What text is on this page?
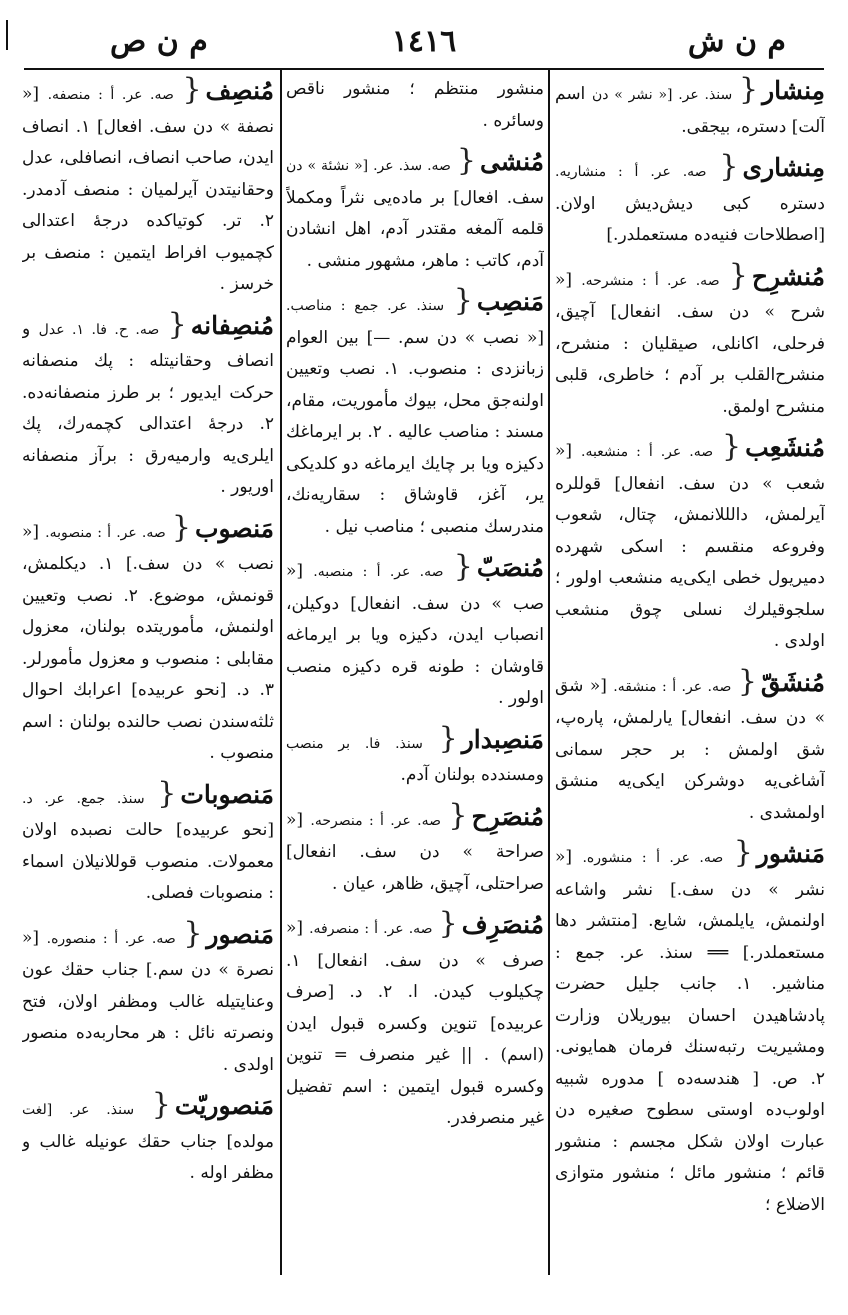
م ن ش
١٤١٦
م ن ص
مِنشار{ سنذ. عر. [« نشر » دن اسم آلت] دستره، بیجقی.
مِنشاری{ صه. عر. أ : منشاریه. دستره کبی دیش‌دیش اولان. [اصطلاحات فنیه‌ده مستعملدر.]
مُنشرِح{ صه. عر. أ : منشرحه. [« شرح » دن سف. انفعال] آچیق، فرحلی، اکانلی، صیقلیان : منشرح، منشرح‌القلب بر آدم ؛ خاطری، قلبی منشرح اولمق.
مُنشَعِب{ صه. عر. أ : منشعبه. [« شعب » دن سف. انفعال] قوللره آیرلمش، دالللانمش، چتال، شعوب وفروعه منقسم : اسکی شهرده دمیریول خطی ایکی‌یه منشعب اولور ؛ سلجوقیلرك نسلی چوق منشعب اولدی .
مُنشَقّ{ صه. عر. أ : منشقه. [« شق » دن سف. انفعال] یارلمش، پارەپ، شق اولمش : بر حجر سمانی آشاغی‌یه دوشرکن ایکی‌یه منشق اولمشدی .
مَنشور{ صه. عر. أ : منشوره. [« نشر » دن سف.] نشر واشاعه اولنمش، یایلمش، شایع. [منتشر دها مستعملدر.] ══ سنذ. عر. جمع : مناشیر. ١. جانب جلیل حضرت پادشاهیدن احسان بیوریلان وزارت ومشیریت رتبه‌سنك فرمان همایونی. ٢. ص. [ هندسه‌ده ] مدوره شبیه اولوب‌ده اوستی سطوح صغیره دن عبارت اولان شکل مجسم : منشور قائم ؛ منشور مائل ؛ منشور متوازی الاضلاع ؛
منشور منتظم ؛ منشور ناقص وسائره .
مُنشی{ صه. سذ. عر. [« نشئة » دن سف. افعال] بر ماده‌یی نثراً ومکملاً قلمه آلمغه مقتدر آدم، اهل انشادن آدم، کاتب : ماهر، مشهور منشی .
مَنصِب{ سنذ. عر. جمع : مناصب. [« نصب » دن سم. —] بین العوام زبانزدی : منصوب. ١. نصب وتعیین اولنه‌جق محل، بیوك مأموریت، مقام، مسند : مناصب عالیه . ٢. بر ایرماغك دکیزه ویا بر چایك ایرماغه دو کلدیکی یر، آغز، قاوشاق : سقاریه‌نك، مندرسك منصبی ؛ مناصب نیل .
مُنصَبّ{ صه. عر. أ : منصبه. [« صب » دن سف. انفعال] دوکیلن، انصباب ایدن، دکیزه ویا بر ایرماغه قاوشان : طونه قره دکیزه منصب اولور .
مَنصِبدار{ سنذ. فا. بر منصب ومسندده بولنان آدم.
مُنصَرِح{ صه. عر. أ : منصرحه. [« صراحة » دن سف. انفعال] صراحتلی، آچیق، ظاهر، عیان .
مُنصَرِف{ صه. عر. أ : منصرفه. [« صرف » دن سف. انفعال] ١. چکیلوب کیدن. ا. ٢. د. [صرف عربیده] تنوین وکسره قبول ایدن (اسم) . || غیر منصرف = تنوین وکسره قبول ایتمین : اسم تفضیل غیر منصرفدر.
مُنصِف{ صه. عر. أ : منصفه. [« نصفة » دن سف. افعال] ١. انصاف ایدن، صاحب انصاف، انصافلی، عدل وحقانیتدن آیرلمیان : منصف آدمدر. ٢. تر. کوتیاکده درجهٔ اعتدالی کچمیوب افراط ایتمین : منصف بر خرسز .
مُنصِفانه{ صه. ح. فا. ١. عدل و انصاف وحقانیتله : پك منصفانه حرکت ایدیور ؛ بر طرز منصفانه‌ده. ٢. درجهٔ اعتدالی کچمەرك، پك ایلری‌یه وارمیه‌رق : برآز منصفانه اوریور .
مَنصوب{ صه. عر. أ : منصوبه. [« نصب » دن سف.] ١. دیکلمش، قونمش، موضوع. ٢. نصب وتعیین اولنمش، مأموریتده بولنان، معزول مقابلی : منصوب و معزول مأمورلر. ٣. د. [نحو عربیده] اعرابك احوال ثلثه‌سندن نصب حالنده بولنان : اسم منصوب .
مَنصوبات{ سنذ. جمع. عر. د. [نحو عربیده] حالت نصبده اولان معمولات. منصوب قوللانیلان اسماء : منصوبات فصلی.
مَنصور{ صه. عر. أ : منصوره. [« نصرة » دن سم.] جناب حقك عون وعنایتیله غالب ومظفر اولان، فتح ونصرته نائل : هر محاربه‌ده منصور اولدی .
مَنصوریّت{ سنذ. عر. [لغت مولده] جناب حقك عونیله غالب و مظفر اوله .
